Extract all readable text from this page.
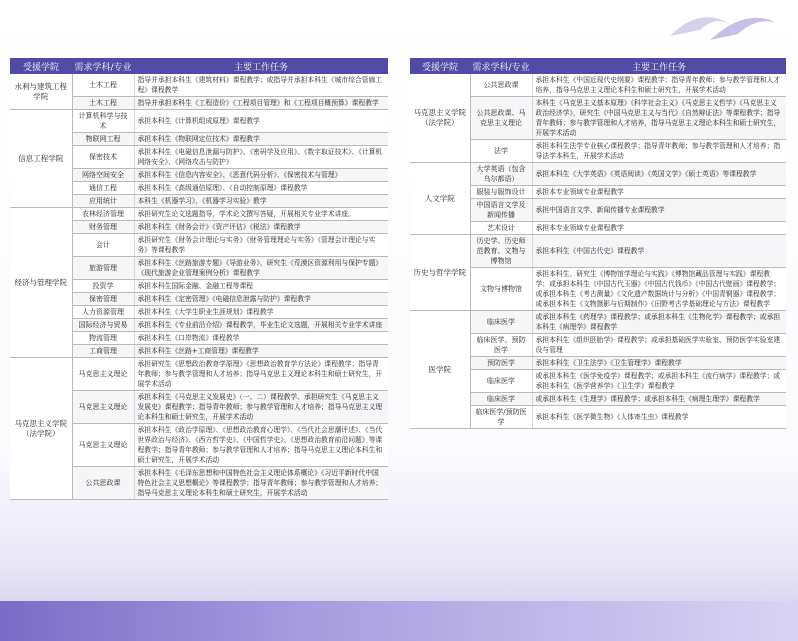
受援学院	需求学科/专业	主要工作任务
水利与建筑工程学院	土木工程	指导并承担本科生《建筑材料》课程教学；或指导并承担本科生《城市综合管廊工程》课程教学
	土木工程	指导并承担本科生《工程造价》《工程项目管理》和《工程项目概预算》课程教学
信息工程学院	计算机科学与技术	承担本科生《计算机组成原理》课程教学
	物联网工程	承担本科生《物联网定位技术》课程教学
	保密技术	承担本科生《电磁信息泄漏与防护》、《密码学及应用》、《数字取证技术》、《计算机网络安全》、《网络攻击与防护》
	网络空间安全	承担本科生《信息内容安全》、《恶意代码分析》、《保密技术与管理》
	通信工程	承担本科生《高级通信原理》、《自动控制原理》课程教学
	应用统计	本科生《机器学习》，《机器学习实验》教学
经济与管理学院	农林经济管理	承担研究生论文选题指导，学术论文撰写答疑，开展相关专业学术讲座。
	财务管理	承担本科生《财务会计》《资产评估》《税法》课程教学
	会计	承担研究生《财务会计理论与实务》《财务管理理论与实务》《管理会计理论与实务》等课程教学
	旅游管理	承担本科生《丝路旅游专题》《导游业务》，研究生《荒漠区资源利用与保护专题》《现代旅游企业管理案例分析》课程教学
	投资学	承担本科生国际金融、金融工程等课程
	保密管理	承担本科生《定密管理》《电磁信息泄露与防护》课程教学
	人力资源管理	承担本科生《大学生职业生涯规划》课程教学
	国际经济与贸易	承担本科生《专业前沿介绍》课程教学，毕业生论文选题，开展相关专业学术讲座
	物流管理	承担本科生《口岸物流》课程教学
	工商管理	承担本科生《丝路+工商管理》课程教学
马克思主义学院（法学院）	马克思主义理论	承担研究生《思想政治教育学原理》《思想政治教育学方法论》课程教学；指导青年教师；参与教学管理和人才培养；指导马克思主义理论本科生和硕士研究生，开展学术活动
	马克思主义理论	承担本科生《马克思主义发展史》（一、二）课程教学、承担研究生《马克思主义发展史》课程教学；指导青年教师；参与教学管理和人才培养；指导马克思主义理论本科生和硕士研究生，开展学术活动
	马克思主义理论	承担本科生《政治学原理》、《思想政治教育心理学》、《当代社会思潮评述》、《当代世界政治与经济》、《西方哲学史》、《中国哲学史》、《思想政治教育前沿问题》等课程教学；指导青年教师；参与教学管理和人才培养；指导马克思主义理论本科生和硕士研究生，开展学术活动
	公共思政课	承担本科生《毛泽东思想和中国特色社会主义理论体系概论》《习近平新时代中国特色社会主义思想概论》等课程教学；指导青年教师；参与教学管理和人才培养；指导马克思主义理论本科生和硕士研究生，开展学术活动
受援学院	需求学科/专业	主要工作任务
马克思主义学院（法学院）	公共思政课	承担本科生《中国近现代史纲要》课程教学；指导青年教师；参与教学管理和人才培养，指导马克思主义理论本科生和硕士研究生，开展学术活动
	公共思政课、马克思主义理论	本科生《马克思主义基本原理》《科学社会主义》《马克思主义哲学》《马克思主义政治经济学》，研究生《中国马克思主义与当代》《自然辩证法》等课程教学；指导青年教师；参与教学管理和人才培养，指导马克思主义理论本科生和硕士研究生，开展学术活动
	法学	承担本科生法学专业核心课程教学；指导青年教师；参与教学管理和人才培养；指导法学本科生，开展学术活动
人文学院	大学英语（包含乌尔都语）	承担本科生《大学英语》《英语阅读》《英国文学》《硕士英语》等课程教学
	服装与服饰设计	承担本专业领域专业课程教学
	中国语言文学及新闻传播	承担中国语言文学、新闻传播专业课程教学
	艺术设计	承担本专业领域专业课程教学
历史与哲学学院	历史学、历史师范教育、文物与博物馆	承担本科生《中国古代史》课程教学
	文物与博物馆	承担本科生、研究生《博物馆学理论与实践》《博物馆藏品管理与实践》课程教学；或承担本科生《中国古代玉器》《中国古代钱币》《中国古代壁画》课程教学；或承担本科生《考古测量》《文化遗产数据统计与分析》《中国青铜器》课程教学；或承担本科生《文物摄影与后期制作》《田野考古学基础理论与方法》课程教学
医学院	临床医学	或承担本科生《药理学》课程教学；或承担本科生《生物化学》课程教学；或承担本科生《病理学》课程教学
	临床医学、预防医学	承担本科生《组织胚胎学》课程教学；或承担基础医学实验室、预防医学实验室建设与管理
	预防医学	承担本科生《卫生法学》《卫生管理学》课程教学
	临床医学	或承担本科生《医学免疫学》课程教学；或承担本科生《流行病学》课程教学；或承担本科生《医学营养学》《卫生学》课程教学
	临床医学	或承担本科生《生理学》课程教学；或承担本科生《病理生理学》课程教学
	临床医学/预防医学	承担本科生《医学微生物》《人体寄生虫》课程教学
